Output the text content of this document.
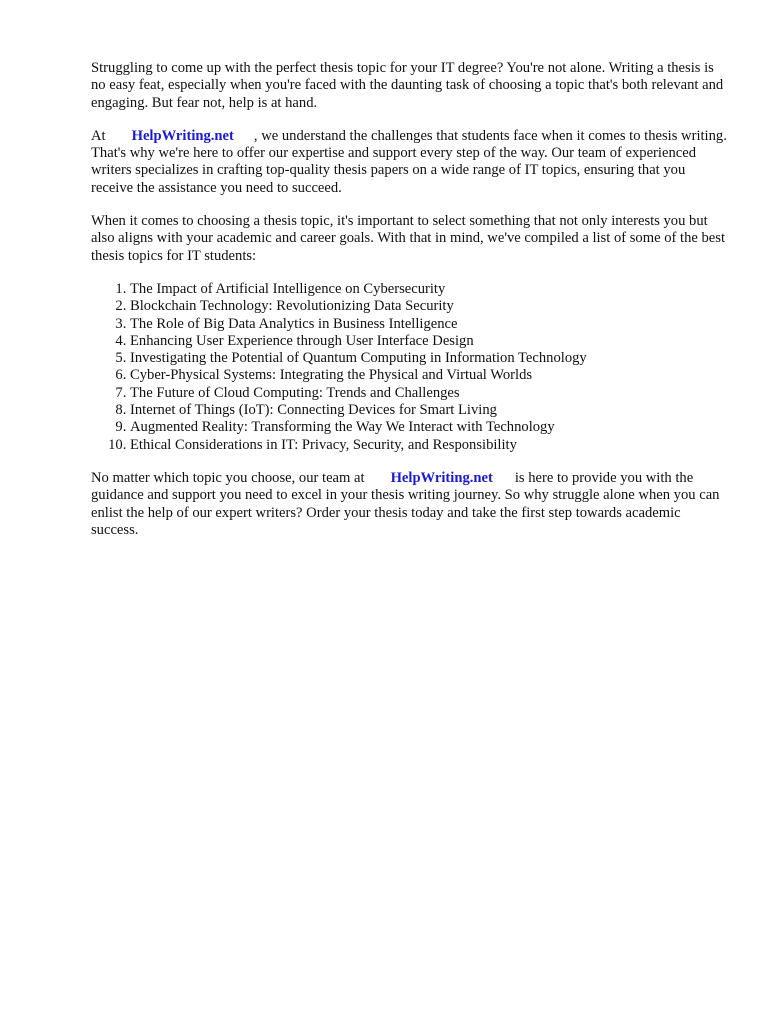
Struggling to come up with the perfect thesis topic for your IT degree? You're not alone. Writing a thesis is no easy feat, especially when you're faced with the daunting task of choosing a topic that's both relevant and engaging. But fear not, help is at hand.

At HelpWriting.net , we understand the challenges that students face when it comes to thesis writing. That's why we're here to offer our expertise and support every step of the way. Our team of experienced writers specializes in crafting top-quality thesis papers on a wide range of IT topics, ensuring that you receive the assistance you need to succeed.

When it comes to choosing a thesis topic, it's important to select something that not only interests you but also aligns with your academic and career goals. With that in mind, we've compiled a list of some of the best thesis topics for IT students:

1. The Impact of Artificial Intelligence on Cybersecurity
2. Blockchain Technology: Revolutionizing Data Security
3. The Role of Big Data Analytics in Business Intelligence
4. Enhancing User Experience through User Interface Design
5. Investigating the Potential of Quantum Computing in Information Technology
6. Cyber-Physical Systems: Integrating the Physical and Virtual Worlds
7. The Future of Cloud Computing: Trends and Challenges
8. Internet of Things (IoT): Connecting Devices for Smart Living
9. Augmented Reality: Transforming the Way We Interact with Technology
10. Ethical Considerations in IT: Privacy, Security, and Responsibility

No matter which topic you choose, our team at HelpWriting.net is here to provide you with the guidance and support you need to excel in your thesis writing journey. So why struggle alone when you can enlist the help of our expert writers? Order your thesis today and take the first step towards academic success.
